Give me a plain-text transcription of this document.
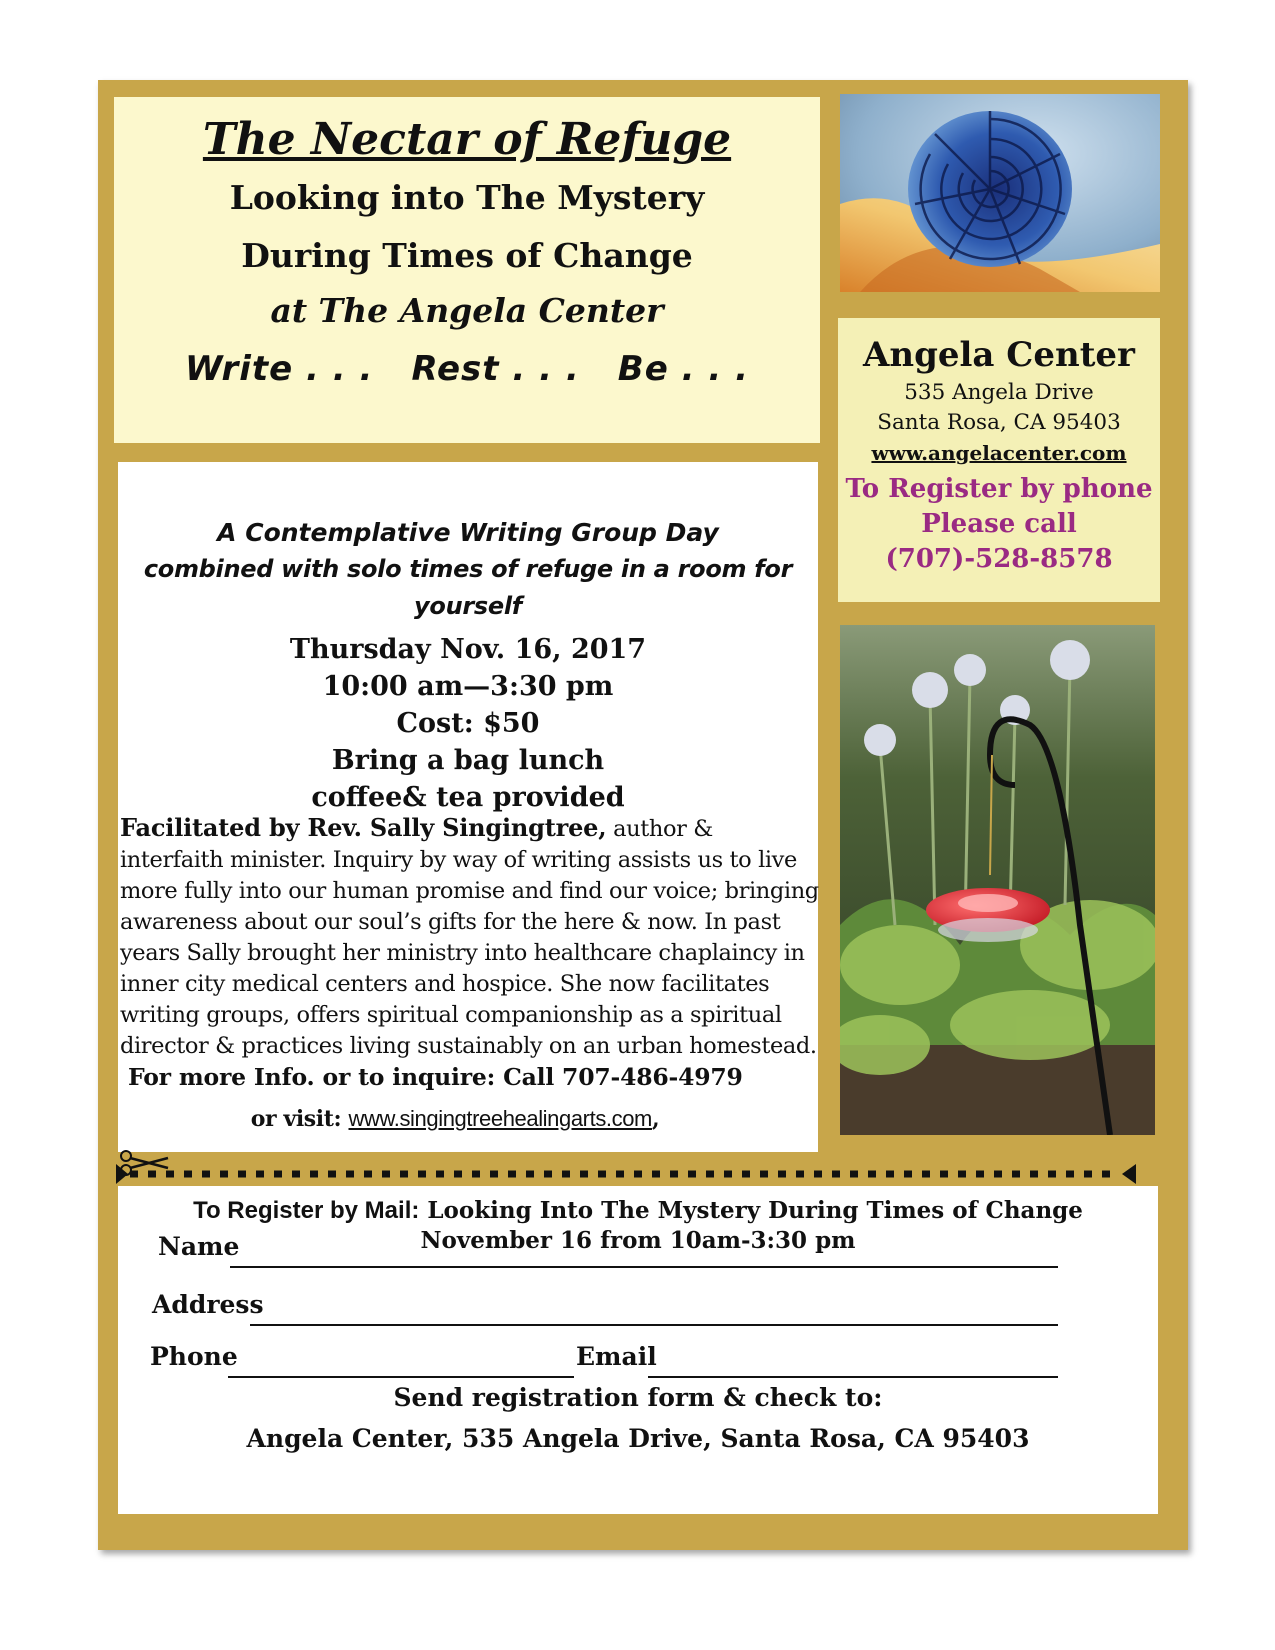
The Nectar of Refuge
Looking into The Mystery
During Times of Change
at The Angela Center
Write . . . Rest . . . Be . . .
A Contemplative Writing Group Day
combined with solo times of refuge in a room for yourself
Thursday Nov. 16, 2017
10:00 am—3:30 pm
Cost: $50
Bring a bag lunch
coffee& tea provided
Facilitated by Rev. Sally Singingtree, author & interfaith minister. Inquiry by way of writing assists us to live more fully into our human promise and find our voice; bringing awareness about our soul’s gifts for the here & now. In past years Sally brought her ministry into healthcare chaplaincy in inner city medical centers and hospice. She now facilitates writing groups, offers spiritual companionship as a spiritual director & practices living sustainably on an urban homestead.
For more Info. or to inquire: Call 707-486-4979
or visit: www.singingtreehealingarts.com,
Angela Center
535 Angela Drive
Santa Rosa, CA 95403
www.angelacenter.com
To Register by phone
Please call
(707)-528-8578
To Register by Mail: Looking Into The Mystery During Times of Change
November 16 from 10am-3:30 pm
Name
Address
Phone	Email
Send registration form & check to:
Angela Center, 535 Angela Drive, Santa Rosa, CA 95403
